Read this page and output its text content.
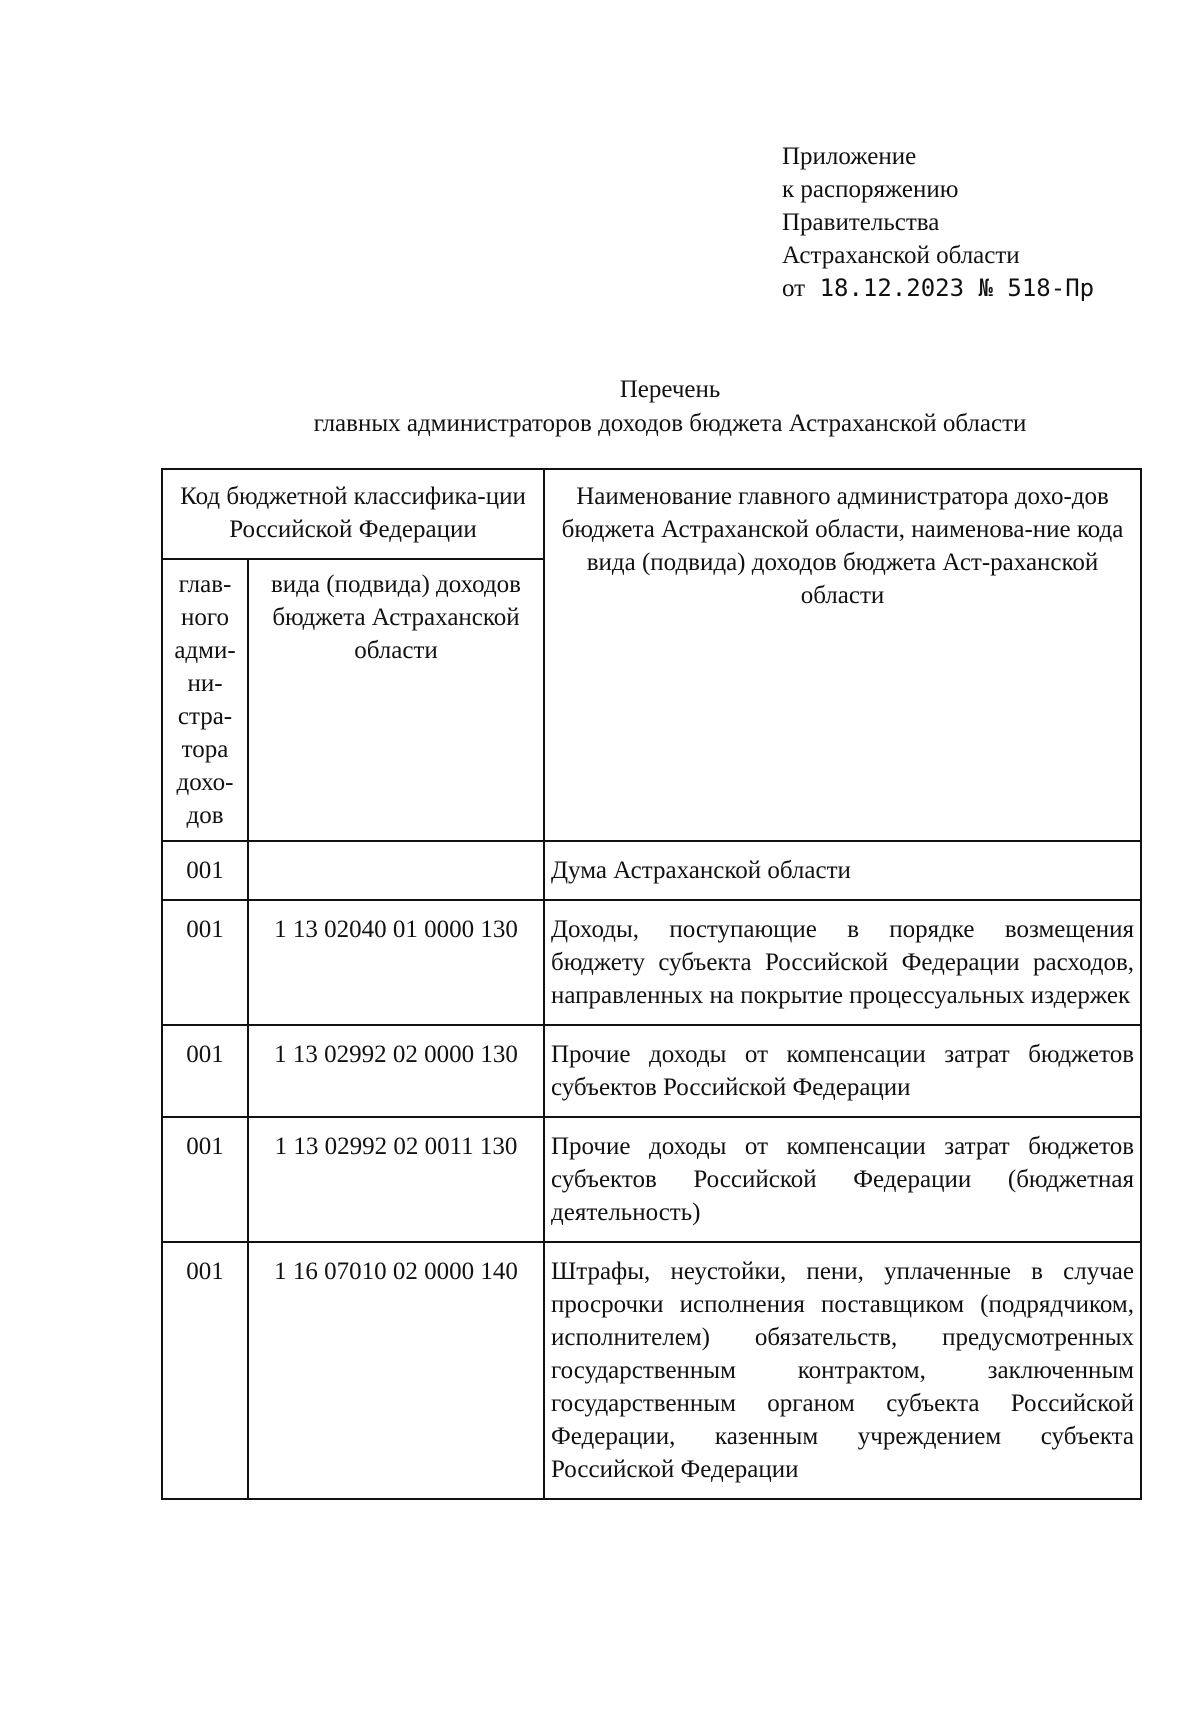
Приложение
к распоряжению
Правительства
Астраханской области
от 18.12.2023 № 518-Пр
Перечень
главных администраторов доходов бюджета Астраханской области
Код бюджетной классифика-ции Российской Федерации		Наименование главного администратора дохо-дов бюджета Астраханской области, наименова-ние кода вида (подвида) доходов бюджета Аст-раханской области
глав-ного адми-ни-стра-тора дохо-дов	вида (подвида) доходов бюджета Астраханской области	
001		Дума Астраханской области
001	1 13 02040 01 0000 130	Доходы, поступающие в порядке возмещения бюджету субъекта Российской Федерации расходов, направленных на покрытие процессуальных издержек
001	1 13 02992 02 0000 130	Прочие доходы от компенсации затрат бюджетов субъектов Российской Федерации
001	1 13 02992 02 0011 130	Прочие доходы от компенсации затрат бюджетов субъектов Российской Федерации (бюджетная деятельность)
001	1 16 07010 02 0000 140	Штрафы, неустойки, пени, уплаченные в случае просрочки исполнения поставщиком (подрядчиком, исполнителем) обязательств, предусмотренных государственным контрактом, заключенным государственным органом субъекта Российской Федерации, казенным учреждением субъекта Российской Федерации
